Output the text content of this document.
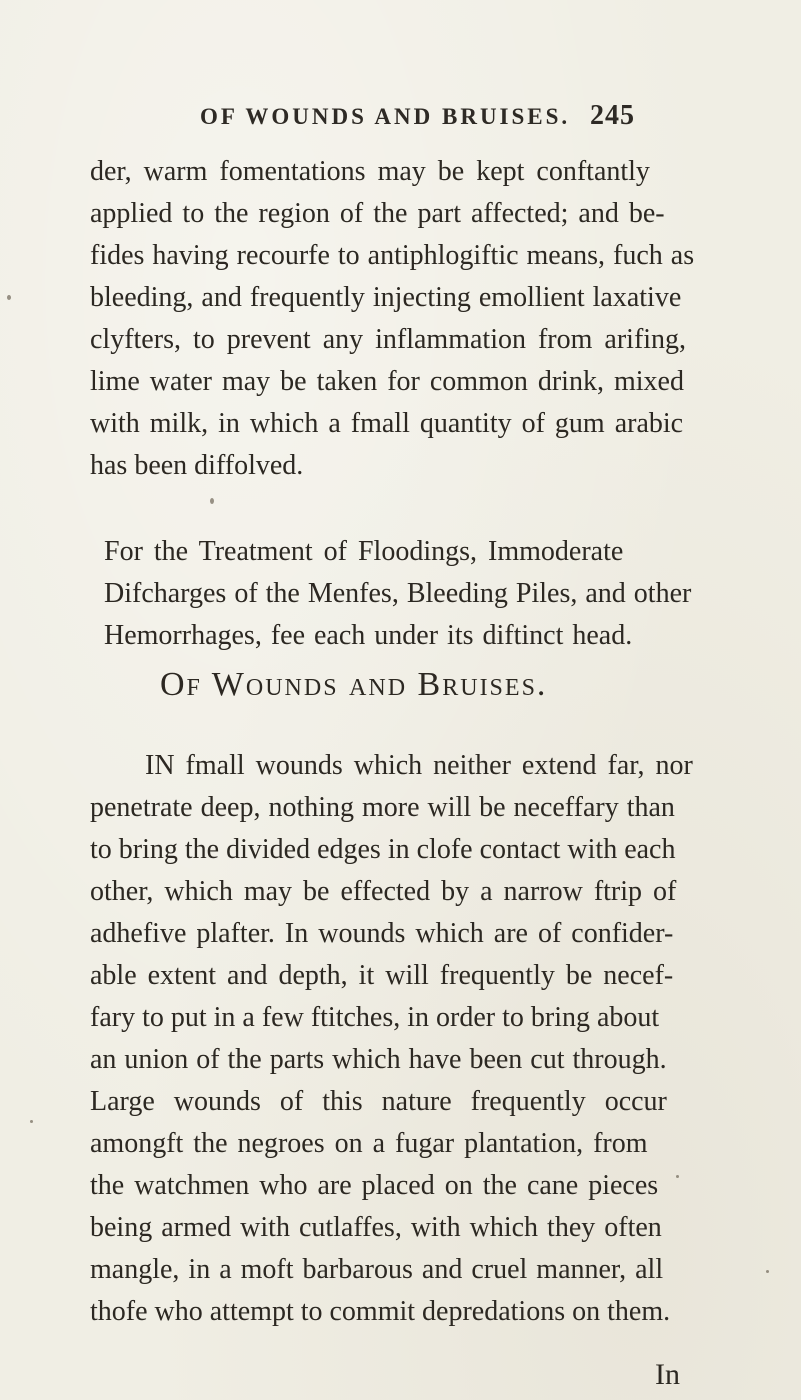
OF WOUNDS AND BRUISES. 245
der, warm fomentations may be kept conftantly
applied to the region of the part affected; and be-
fides having recourfe to antiphlogiftic means, fuch as
bleeding, and frequently injecting emollient laxative
clyfters, to prevent any inflammation from arifing,
lime water may be taken for common drink, mixed
with milk, in which a fmall quantity of gum arabic
has been diffolved.
For the Treatment of Floodings, Immoderate
Difcharges of the Menfes, Bleeding Piles, and other
Hemorrhages, fee each under its diftinct head.
Of Wounds and Bruises.
IN fmall wounds which neither extend far, nor
penetrate deep, nothing more will be neceffary than
to bring the divided edges in clofe contact with each
other, which may be effected by a narrow ftrip of
adhefive plafter. In wounds which are of confider-
able extent and depth, it will frequently be necef-
fary to put in a few ftitches, in order to bring about
an union of the parts which have been cut through.
Large wounds of this nature frequently occur
amongft the negroes on a fugar plantation, from
the watchmen who are placed on the cane pieces
being armed with cutlaffes, with which they often
mangle, in a moft barbarous and cruel manner, all
thofe who attempt to commit depredations on them.
In
